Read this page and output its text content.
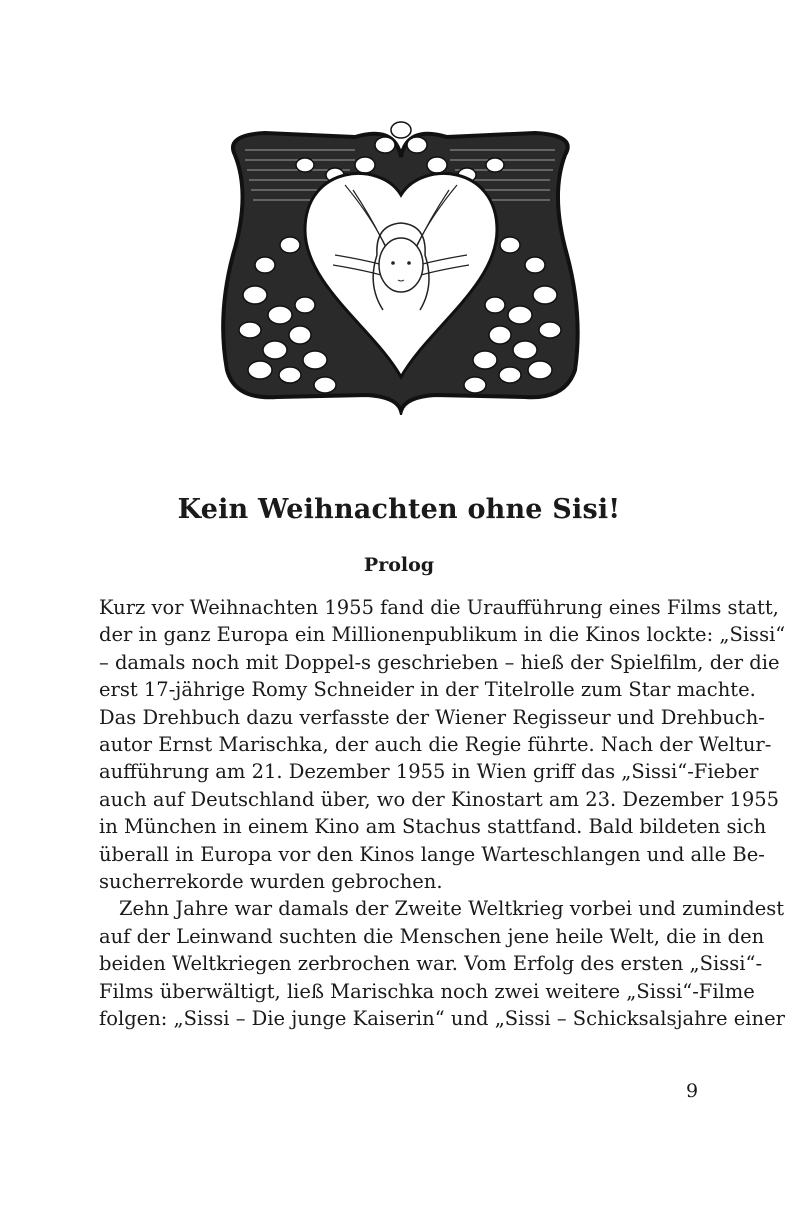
Kein Weihnachten ohne Sisi!
Prolog
Kurz vor Weihnachten 1955 fand die Uraufführung eines Films statt,
der in ganz Europa ein Millionenpublikum in die Kinos lockte: „Sissi“
– damals noch mit Doppel-s geschrieben – hieß der Spielfilm, der die
erst 17-jährige Romy Schneider in der Titelrolle zum Star machte.
Das Drehbuch dazu verfasste der Wiener Regisseur und Drehbuch-
autor Ernst Marischka, der auch die Regie führte. Nach der Weltur-
aufführung am 21. Dezember 1955 in Wien griff das „Sissi“-Fieber
auch auf Deutschland über, wo der Kinostart am 23. Dezember 1955
in München in einem Kino am Stachus stattfand. Bald bildeten sich
überall in Europa vor den Kinos lange Warteschlangen und alle Be-
sucherrekorde wurden gebrochen.
Zehn Jahre war damals der Zweite Weltkrieg vorbei und zumindest
auf der Leinwand suchten die Menschen jene heile Welt, die in den
beiden Weltkriegen zerbrochen war. Vom Erfolg des ersten „Sissi“-
Films überwältigt, ließ Marischka noch zwei weitere „Sissi“-Filme
folgen: „Sissi – Die junge Kaiserin“ und „Sissi – Schicksalsjahre einer
9
